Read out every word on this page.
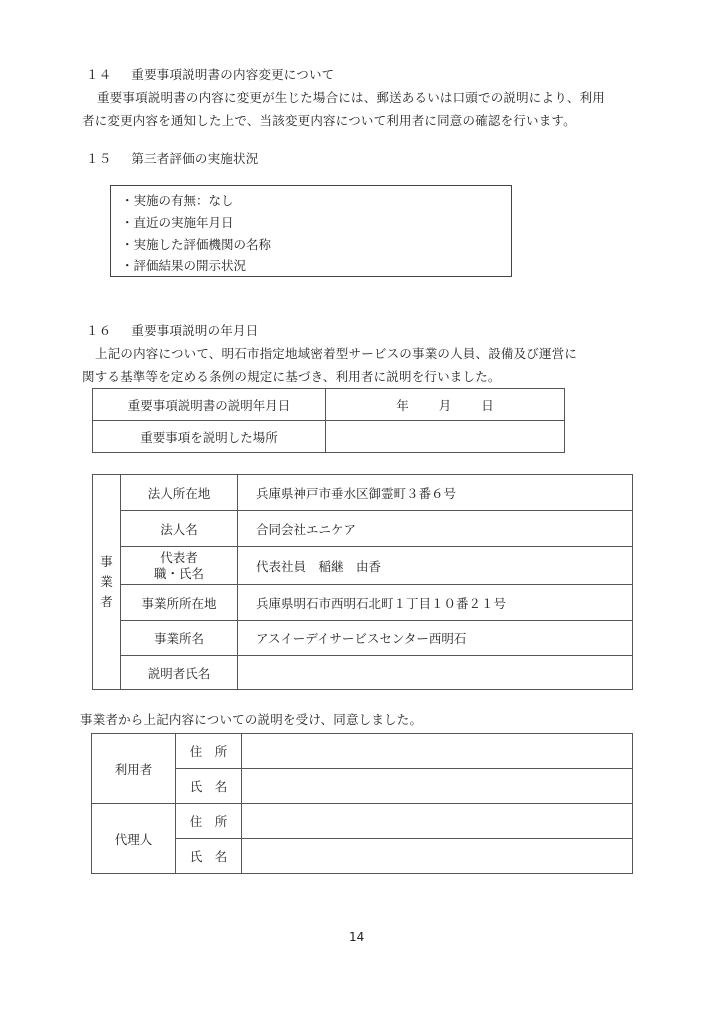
１４ 重要事項説明書の内容変更について
重要事項説明書の内容に変更が生じた場合には、郵送あるいは口頭での説明により、利用
者に変更内容を通知した上で、当該変更内容について利用者に同意の確認を行います。
１５ 第三者評価の実施状況
・実施の有無：なし
・直近の実施年月日
・実施した評価機関の名称
・評価結果の開示状況
１６ 重要事項説明の年月日
上記の内容について、明石市指定地域密着型サービスの事業の人員、設備及び運営に
関する基準等を定める条例の規定に基づき、利用者に説明を行いました。
重要事項説明書の説明年月日	年 月 日
重要事項を説明した場所	
事
業
者	法人所在地	兵庫県神戸市垂水区御霊町３番６号
	法人名	合同会社エニケア

	代表者
職・氏名	代表社員　稲継　由香
	事業所所在地	兵庫県明石市西明石北町１丁目１０番２１号
	事業所名	アスイーデイサービスセンター西明石
	説明者氏名	
事業者から上記内容についての説明を受け、同意しました。
利用者	住　所	
	氏　名	
代理人	住　所	
	氏　名	
14
